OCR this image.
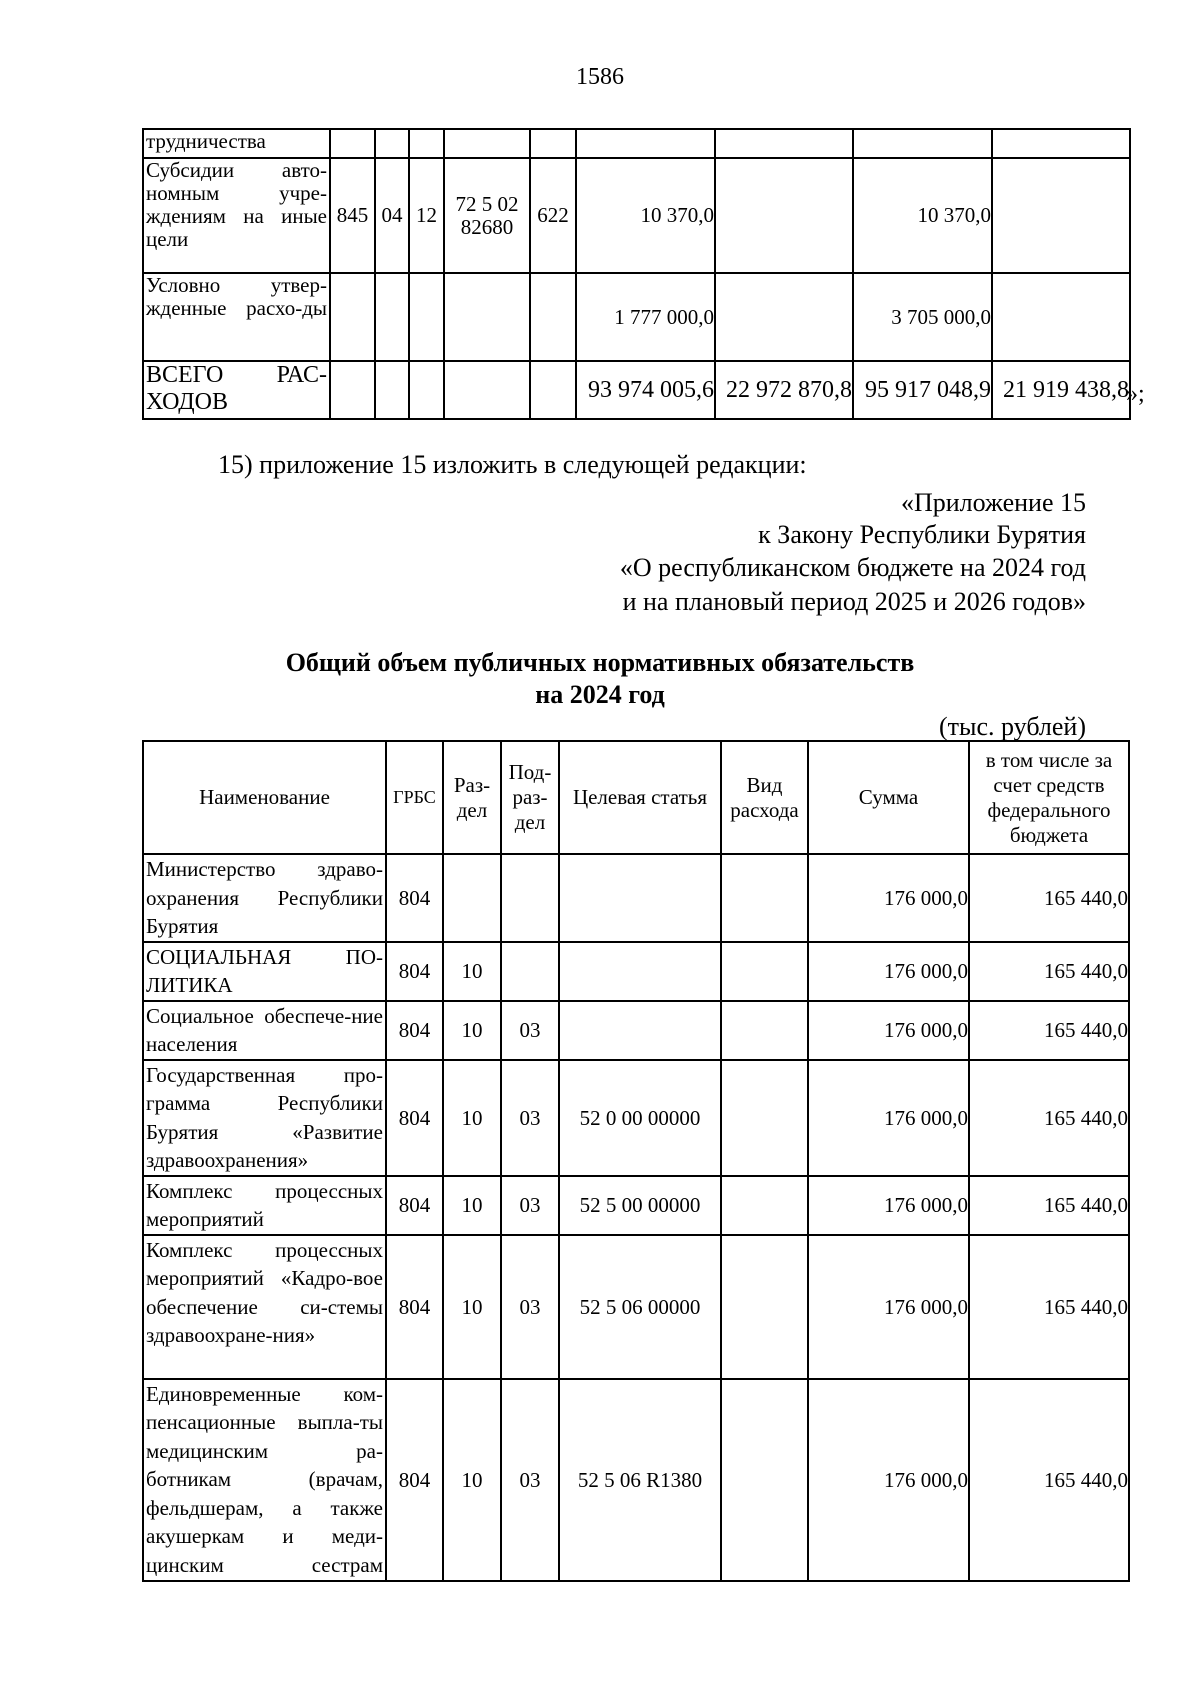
1586
трудничества									
Субсидии авто-номным учре-ждениям на иные цели	845	04	12	72 5 02 82680	622	10 370,0		10 370,0	
Условно утвер-жденные расхо-ды						1 777 000,0		3 705 000,0	
ВСЕГО РАС-ХОДОВ						93 974 005,6	22 972 870,8	95 917 048,9	21 919 438,8
»;
15) приложение 15 изложить в следующей редакции:
«Приложение 15
к Закону Республики Бурятия
«О республиканском бюджете на 2024 год
и на плановый период 2025 и 2026 годов»
Общий объем публичных нормативных обязательств
на 2024 год
(тыс. рублей)
Наименование	ГРБС	Раз-дел	Под-раз-дел	Целевая статья	Вид расхода	Сумма	в том числе за счет средств федерального бюджета
Министерство здраво-охранения Республики Бурятия	804					176 000,0	165 440,0
СОЦИАЛЬНАЯ ПО-ЛИТИКА	804	10				176 000,0	165 440,0
Социальное обеспече-ние населения	804	10	03			176 000,0	165 440,0
Государственная про-грамма Республики Бурятия «Развитие здравоохранения»	804	10	03	52 0 00 00000		176 000,0	165 440,0
Комплекс процессных мероприятий	804	10	03	52 5 00 00000		176 000,0	165 440,0
Комплекс процессных мероприятий «Кадро-вое обеспечение си-стемы здравоохране-ния»	804	10	03	52 5 06 00000		176 000,0	165 440,0
Единовременные ком-пенсационные выпла-ты медицинским ра-ботникам (врачам, фельдшерам, а также акушеркам и меди-цинским сестрам	804	10	03	52 5 06 R1380		176 000,0	165 440,0
